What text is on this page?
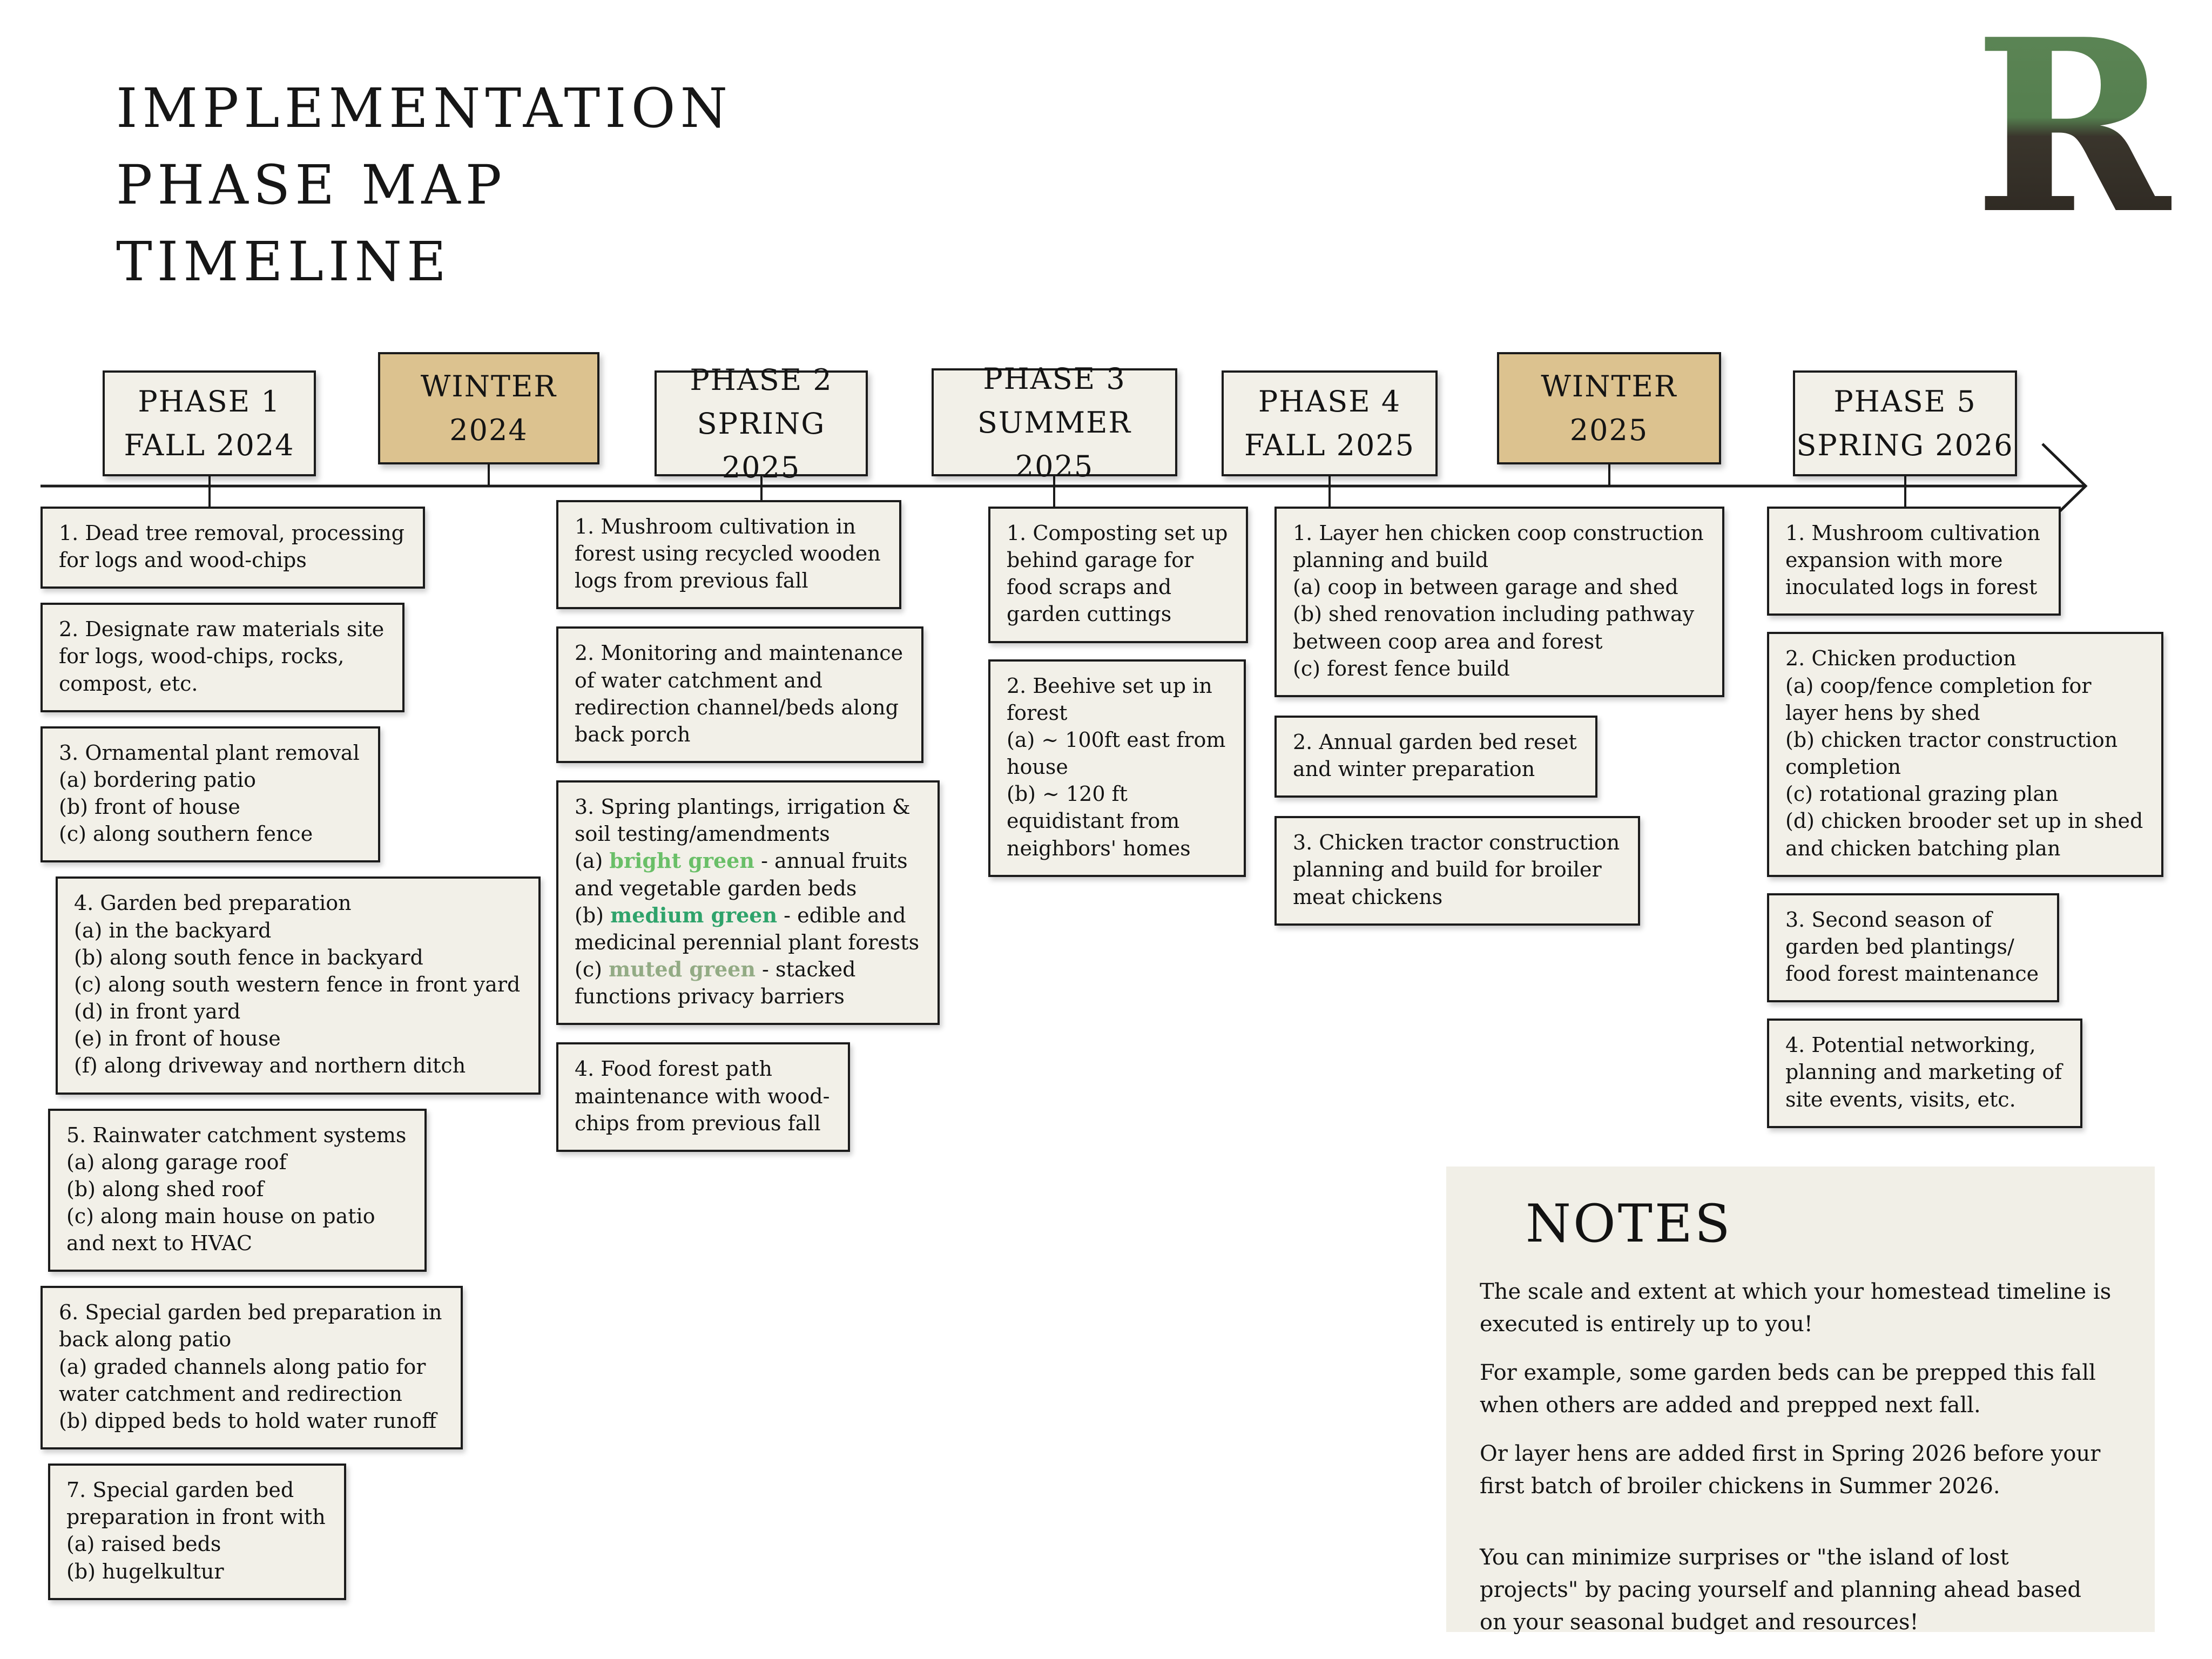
IMPLEMENTATION
PHASE MAP
TIMELINE	R
PHASE 1
FALL 2024
WINTER
2024
PHASE 2
SPRING 2025
PHASE 3
SUMMER 2025
PHASE 4
FALL 2025
WINTER
2025
PHASE 5
SPRING 2026
1. Dead tree removal, processing
for logs and wood-chips
2. Designate raw materials site
for logs, wood-chips, rocks,
compost, etc.
3. Ornamental plant removal
(a) bordering patio
(b) front of house
(c) along southern fence
4. Garden bed preparation
(a) in the backyard
(b) along south fence in backyard
(c) along south western fence in front yard
(d) in front yard
(e) in front of house
(f) along driveway and northern ditch
5. Rainwater catchment systems
(a) along garage roof
(b) along shed roof
(c) along main house on patio
and next to HVAC
6. Special garden bed preparation in
back along patio
(a) graded channels along patio for
water catchment and redirection
(b) dipped beds to hold water runoff
7. Special garden bed
preparation in front with
(a) raised beds
(b) hugelkultur
1. Mushroom cultivation in
forest using recycled wooden
logs from previous fall
2. Monitoring and maintenance
of water catchment and
redirection channel/beds along
back porch
3. Spring plantings, irrigation &
soil testing/amendments
(a) bright green - annual fruits
and vegetable garden beds
(b) medium green - edible and
medicinal perennial plant forests
(c) muted green - stacked
functions privacy barriers
4. Food forest path
maintenance with wood-
chips from previous fall
1. Composting set up
behind garage for
food scraps and
garden cuttings
2. Beehive set up in
forest
(a) ~ 100ft east from
house
(b) ~ 120 ft
equidistant from
neighbors' homes
1. Layer hen chicken coop construction
planning and build
(a) coop in between garage and shed
(b) shed renovation including pathway
between coop area and forest
(c) forest fence build
2. Annual garden bed reset
and winter preparation
3. Chicken tractor construction
planning and build for broiler
meat chickens
1. Mushroom cultivation
expansion with more
inoculated logs in forest
2. Chicken production
(a) coop/fence completion for
layer hens by shed
(b) chicken tractor construction
completion
(c) rotational grazing plan
(d) chicken brooder set up in shed
and chicken batching plan
3. Second season of
garden bed plantings/
food forest maintenance
4. Potential networking,
planning and marketing of
site events, visits, etc.
NOTES
The scale and extent at which your homestead timeline is
executed is entirely up to you!
For example, some garden beds can be prepped this fall
when others are added and prepped next fall.
Or layer hens are added first in Spring 2026 before your
first batch of broiler chickens in Summer 2026.
You can minimize surprises or "the island of lost
projects" by pacing yourself and planning ahead based
on your seasonal budget and resources!
